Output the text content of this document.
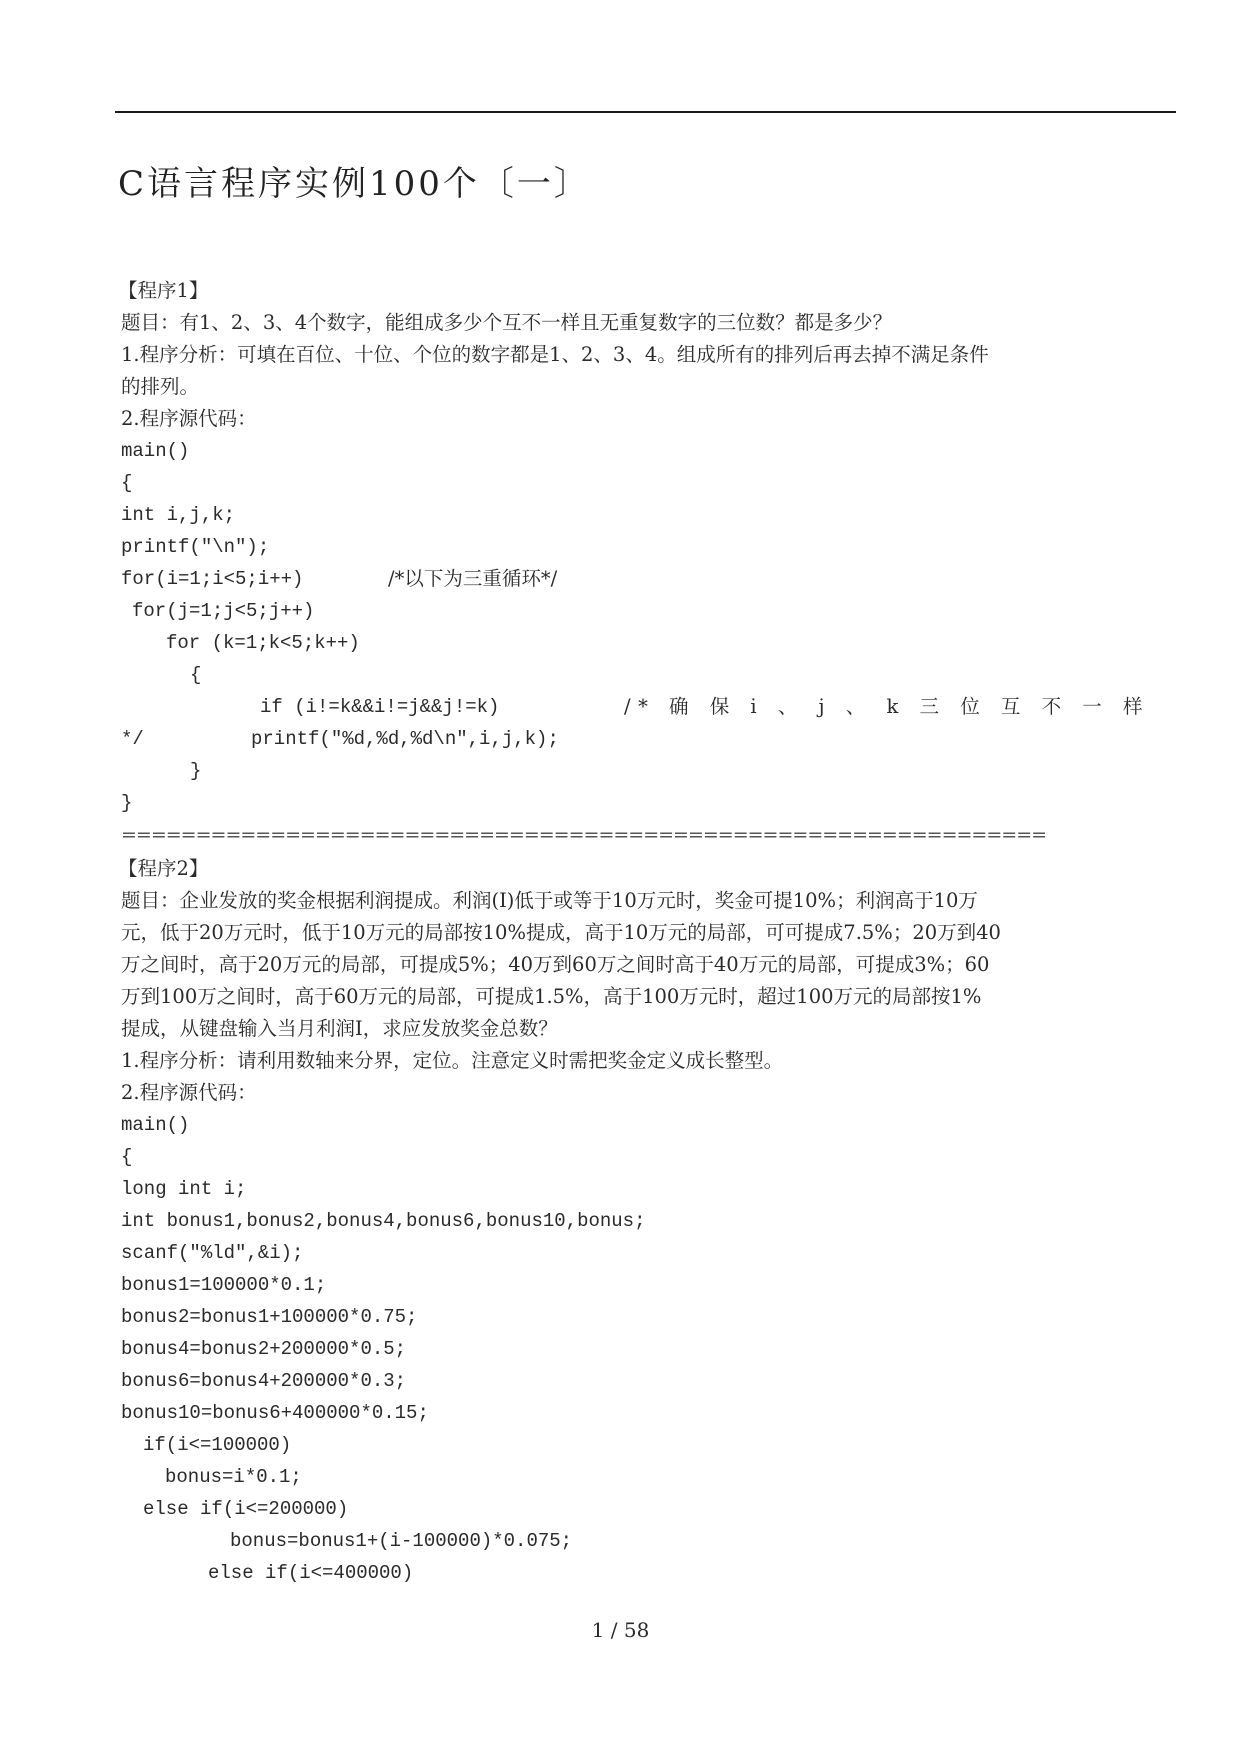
C语言程序实例100个〔一〕
【程序1】
题目：有1、2、3、4个数字，能组成多少个互不一样且无重复数字的三位数？都是多少？
1.程序分析：可填在百位、十位、个位的数字都是1、2、3、4。组成所有的排列后再去掉不满足条件
的排列。
2.程序源代码：
main()
{
int i,j,k;
printf("\n");
for(i=1;i<5;i++)	/*以下为三重循环*/
for(j=1;j<5;j++)
for (k=1;k<5;k++)
{
if (i!=k&&i!=j&&j!=k)	/* 确 保 i 、 j 、 k 三 位 互 不 一 样
*/	printf("%d,%d,%d\n",i,j,k);
}
}
==============================================================
【程序2】
题目：企业发放的奖金根据利润提成。利润(I)低于或等于10万元时，奖金可提10%；利润高于10万
元，低于20万元时，低于10万元的局部按10%提成，高于10万元的局部，可可提成7.5%；20万到40
万之间时，高于20万元的局部，可提成5%；40万到60万之间时高于40万元的局部，可提成3%；60
万到100万之间时，高于60万元的局部，可提成1.5%，高于100万元时，超过100万元的局部按1%
提成，从键盘输入当月利润I，求应发放奖金总数？
1.程序分析：请利用数轴来分界，定位。注意定义时需把奖金定义成长整型。
2.程序源代码：
main()
{
long int i;
int bonus1,bonus2,bonus4,bonus6,bonus10,bonus;
scanf("%ld",&i);
bonus1=100000*0.1;
bonus2=bonus1+100000*0.75;
bonus4=bonus2+200000*0.5;
bonus6=bonus4+200000*0.3;
bonus10=bonus6+400000*0.15;
if(i<=100000)
bonus=i*0.1;
else if(i<=200000)
bonus=bonus1+(i-100000)*0.075;
else if(i<=400000)
1 / 58
